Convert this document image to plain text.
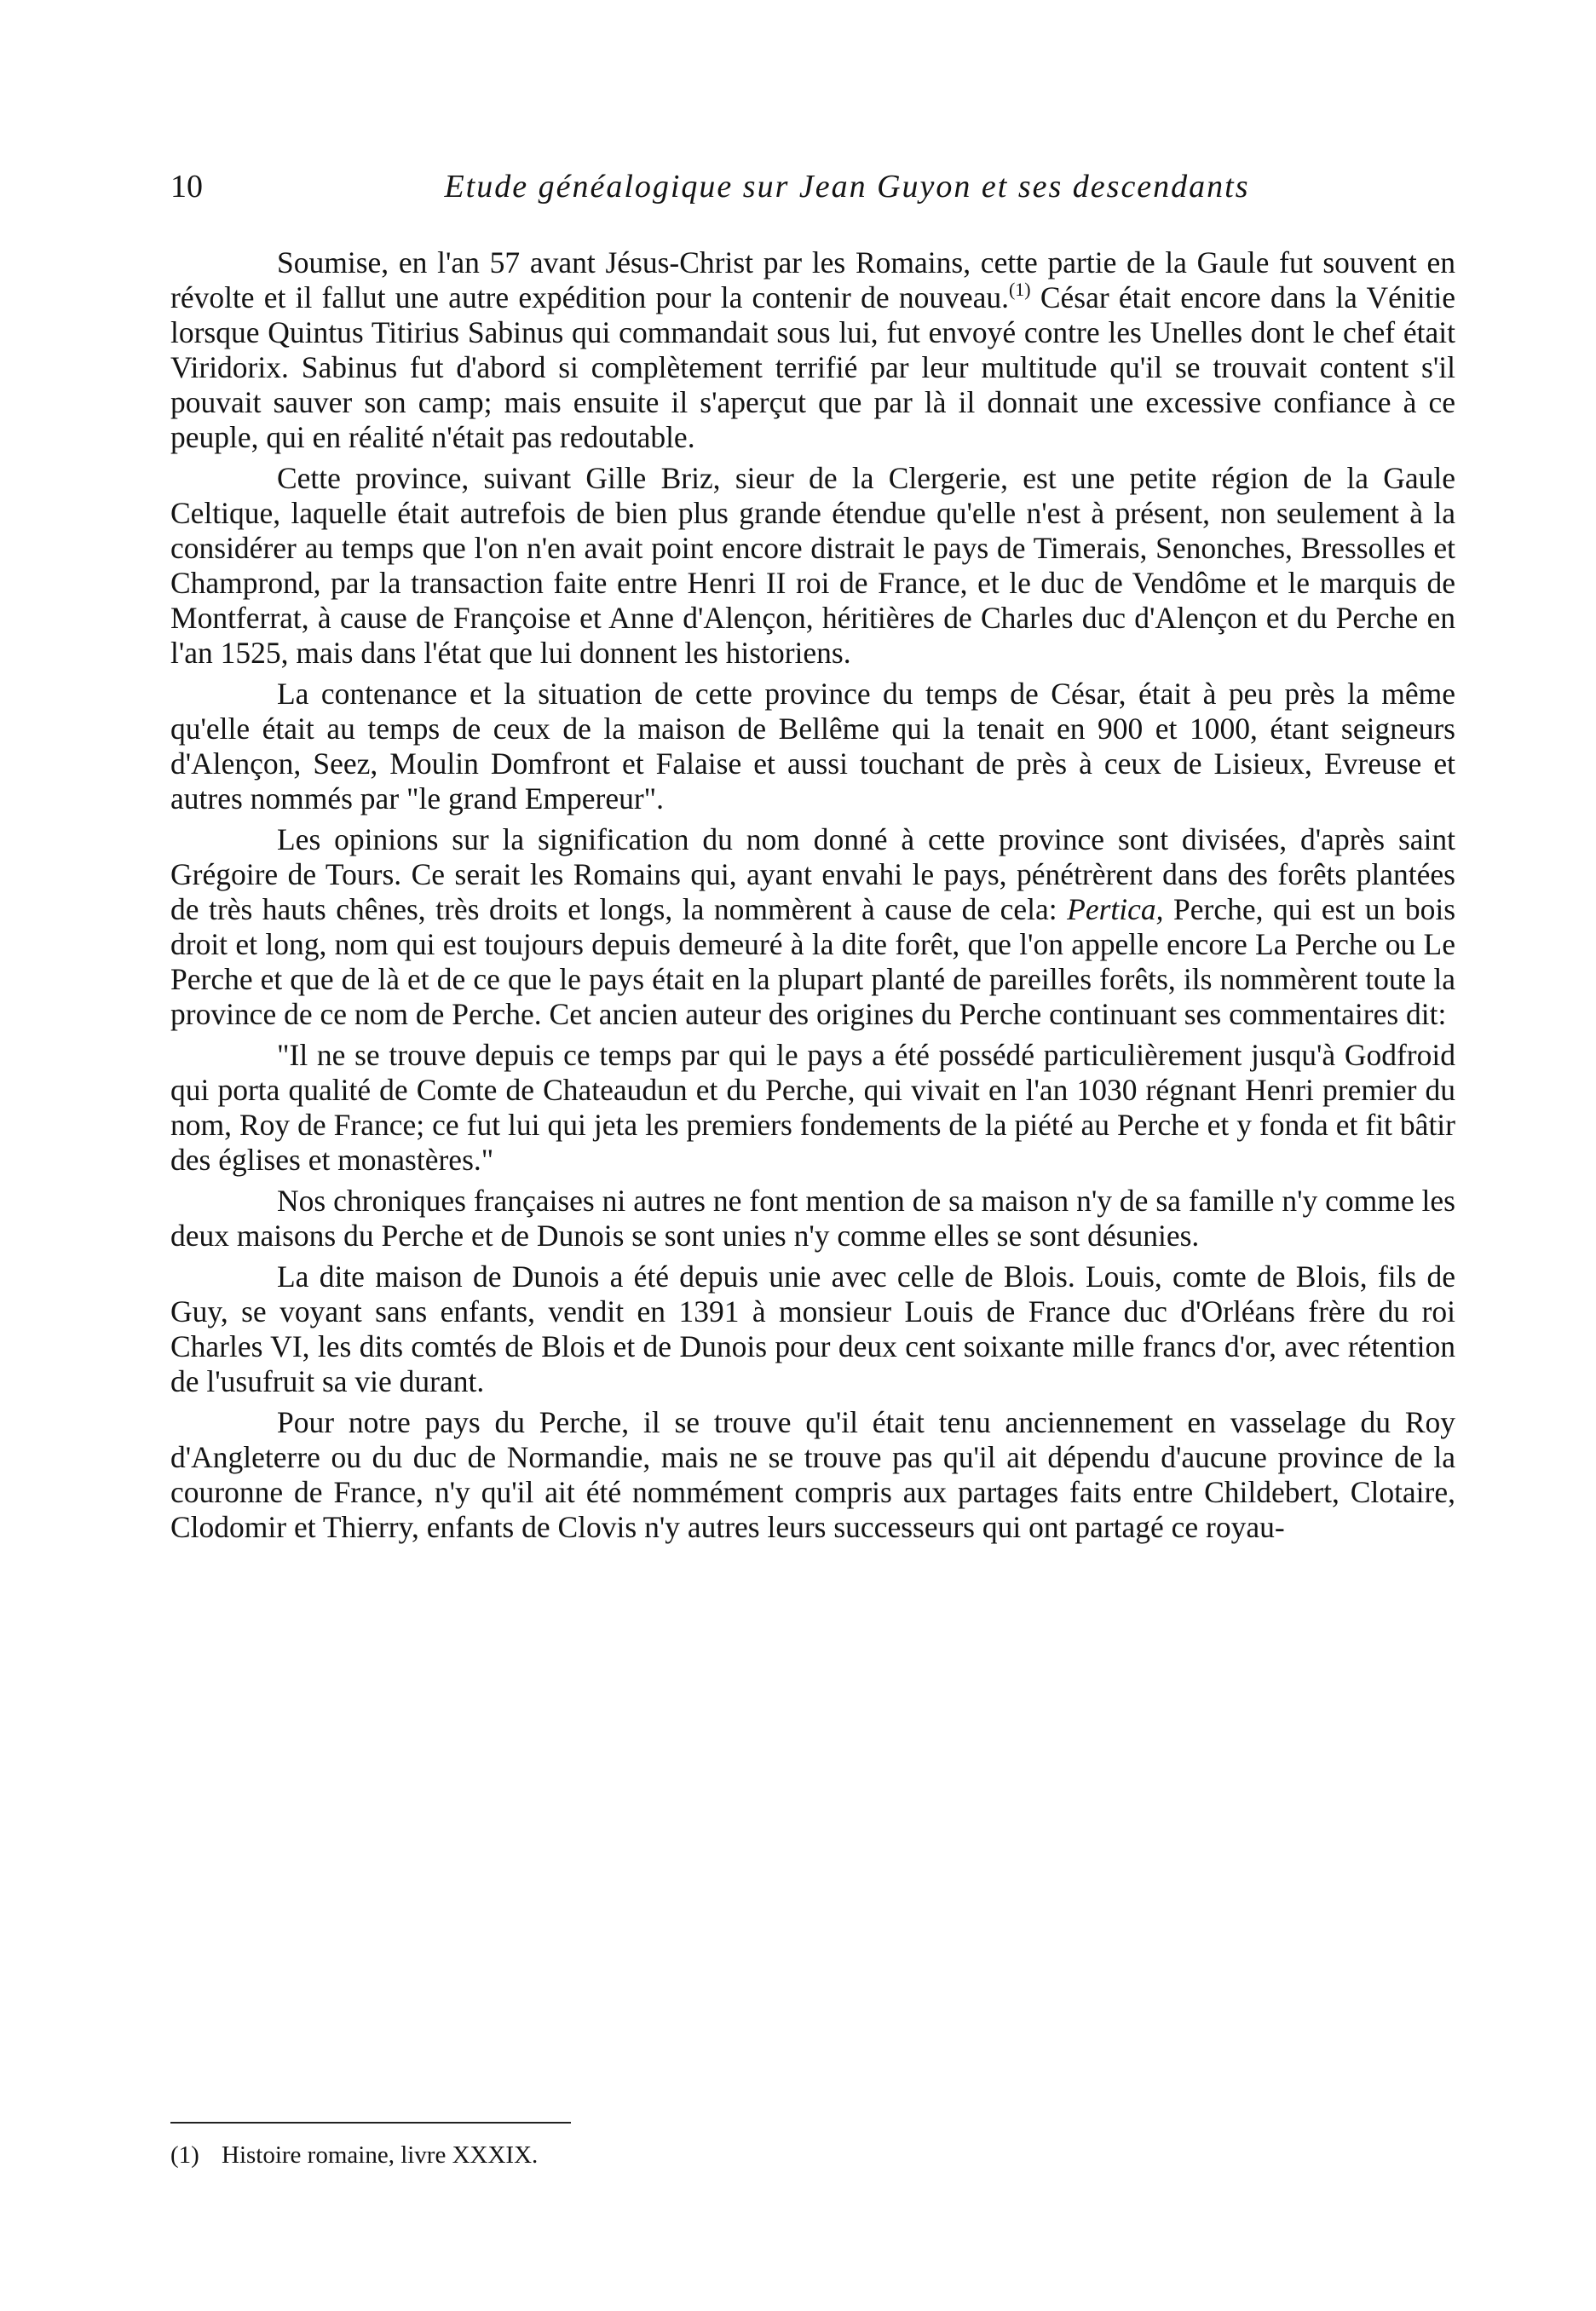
10	Etude généalogique sur Jean Guyon et ses descendants

Soumise, en l'an 57 avant Jésus-Christ par les Romains, cette partie de la Gaule fut souvent en révolte et il fallut une autre expédition pour la contenir de nouveau.$^{(1)}$ César était encore dans la Vénitie lorsque Quintus Titirius Sabinus qui commandait sous lui, fut envoyé contre les Unelles dont le chef était Viridorix. Sabinus fut d'abord si complètement terrifié par leur multitude qu'il se trouvait content s'il pouvait sauver son camp; mais ensuite il s'aperçut que par là il donnait une excessive confiance à ce peuple, qui en réalité n'était pas redoutable.

Cette province, suivant Gille Briz, sieur de la Clergerie, est une petite région de la Gaule Celtique, laquelle était autrefois de bien plus grande étendue qu'elle n'est à présent, non seulement à la considérer au temps que l'on n'en avait point encore distrait le pays de Timerais, Senonches, Bressolles et Champrond, par la transaction faite entre Henri II roi de France, et le duc de Vendôme et le marquis de Montferrat, à cause de Françoise et Anne d'Alençon, héritières de Charles duc d'Alençon et du Perche en l'an 1525, mais dans l'état que lui donnent les historiens.

La contenance et la situation de cette province du temps de César, était à peu près la même qu'elle était au temps de ceux de la maison de Bellême qui la tenait en 900 et 1000, étant seigneurs d'Alençon, Seez, Moulin Domfront et Falaise et aussi touchant de près à ceux de Lisieux, Evreuse et autres nommés par "le grand Empereur".

Les opinions sur la signification du nom donné à cette province sont divisées, d'après saint Grégoire de Tours. Ce serait les Romains qui, ayant envahi le pays, pénétrèrent dans des forêts plantées de très hauts chênes, très droits et longs, la nommèrent à cause de cela: Pertica, Perche, qui est un bois droit et long, nom qui est toujours depuis demeuré à la dite forêt, que l'on appelle encore La Perche ou Le Perche et que de là et de ce que le pays était en la plupart planté de pareilles forêts, ils nommèrent toute la province de ce nom de Perche. Cet ancien auteur des origines du Perche continuant ses commentaires dit:

"Il ne se trouve depuis ce temps par qui le pays a été possédé particulièrement jusqu'à Godfroid qui porta qualité de Comte de Chateaudun et du Perche, qui vivait en l'an 1030 régnant Henri premier du nom, Roy de France; ce fut lui qui jeta les premiers fondements de la piété au Perche et y fonda et fit bâtir des églises et monastères."

Nos chroniques françaises ni autres ne font mention de sa maison n'y de sa famille n'y comme les deux maisons du Perche et de Dunois se sont unies n'y comme elles se sont désunies.

La dite maison de Dunois a été depuis unie avec celle de Blois. Louis, comte de Blois, fils de Guy, se voyant sans enfants, vendit en 1391 à monsieur Louis de France duc d'Orléans frère du roi Charles VI, les dits comtés de Blois et de Dunois pour deux cent soixante mille francs d'or, avec rétention de l'usufruit sa vie durant.

Pour notre pays du Perche, il se trouve qu'il était tenu anciennement en vasselage du Roy d'Angleterre ou du duc de Normandie, mais ne se trouve pas qu'il ait dépendu d'aucune province de la couronne de France, n'y qu'il ait été nommément compris aux partages faits entre Childebert, Clotaire, Clodomir et Thierry, enfants de Clovis n'y autres leurs successeurs qui ont partagé ce royau-

(1) Histoire romaine, livre XXXIX.
